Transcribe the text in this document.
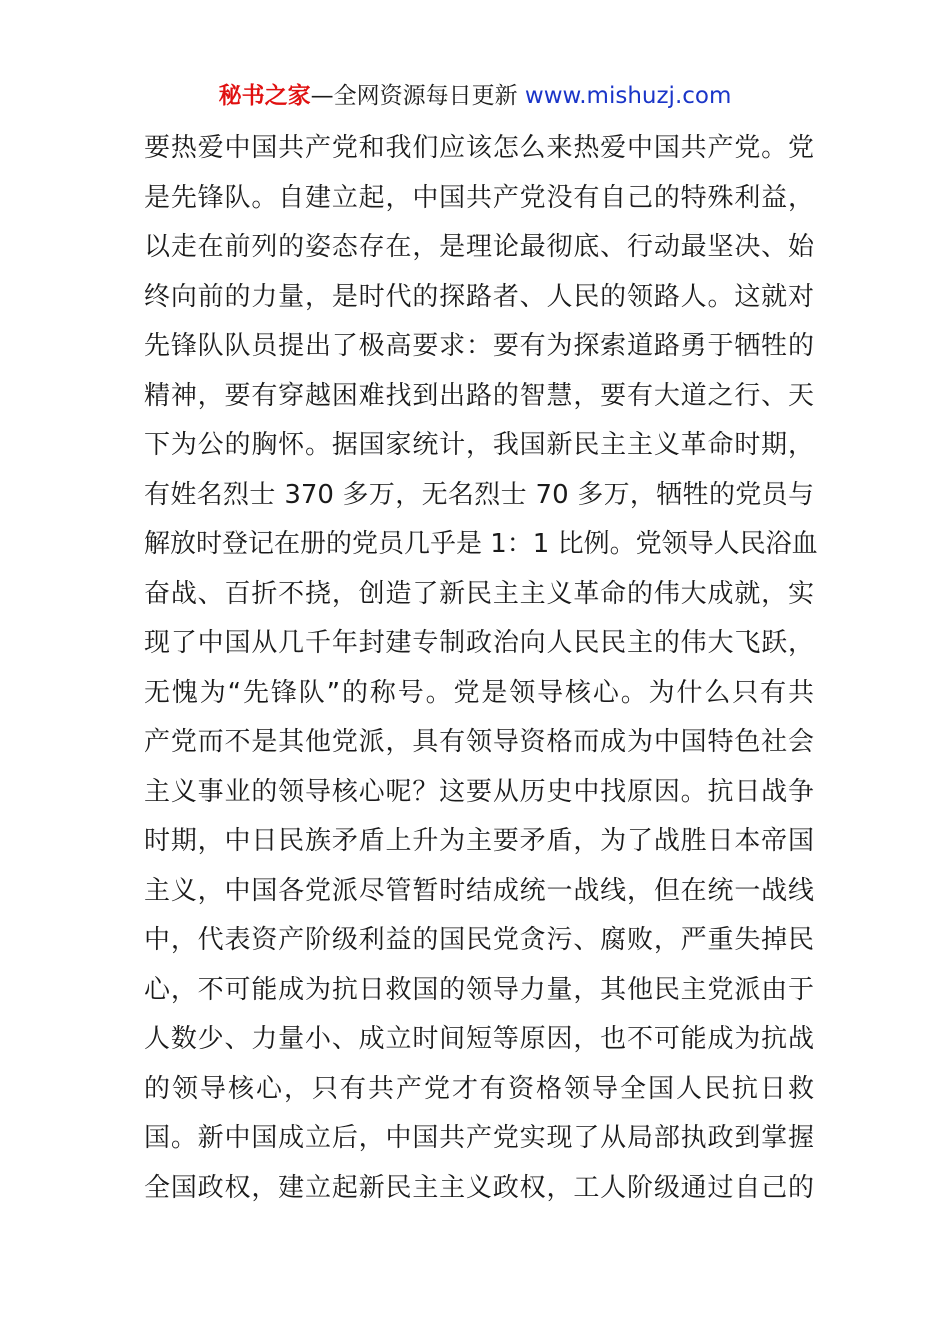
秘书之家—全网资源每日更新 www.mishuzj.com
要热爱中国共产党和我们应该怎么来热爱中国共产党。党
是先锋队。自建立起，中国共产党没有自己的特殊利益，
以走在前列的姿态存在，是理论最彻底、行动最坚决、始
终向前的力量，是时代的探路者、人民的领路人。这就对
先锋队队员提出了极高要求：要有为探索道路勇于牺牲的
精神，要有穿越困难找到出路的智慧，要有大道之行、天
下为公的胸怀。据国家统计，我国新民主主义革命时期，
有姓名烈士 370 多万，无名烈士 70 多万，牺牲的党员与
解放时登记在册的党员几乎是 1：1 比例。党领导人民浴血
奋战、百折不挠，创造了新民主主义革命的伟大成就，实
现了中国从几千年封建专制政治向人民民主的伟大飞跃，
无愧为“先锋队”的称号。党是领导核心。为什么只有共
产党而不是其他党派，具有领导资格而成为中国特色社会
主义事业的领导核心呢？这要从历史中找原因。抗日战争
时期，中日民族矛盾上升为主要矛盾，为了战胜日本帝国
主义，中国各党派尽管暂时结成统一战线，但在统一战线
中，代表资产阶级利益的国民党贪污、腐败，严重失掉民
心，不可能成为抗日救国的领导力量，其他民主党派由于
人数少、力量小、成立时间短等原因，也不可能成为抗战
的领导核心，只有共产党才有资格领导全国人民抗日救
国。新中国成立后，中国共产党实现了从局部执政到掌握
全国政权，建立起新民主主义政权，工人阶级通过自己的
